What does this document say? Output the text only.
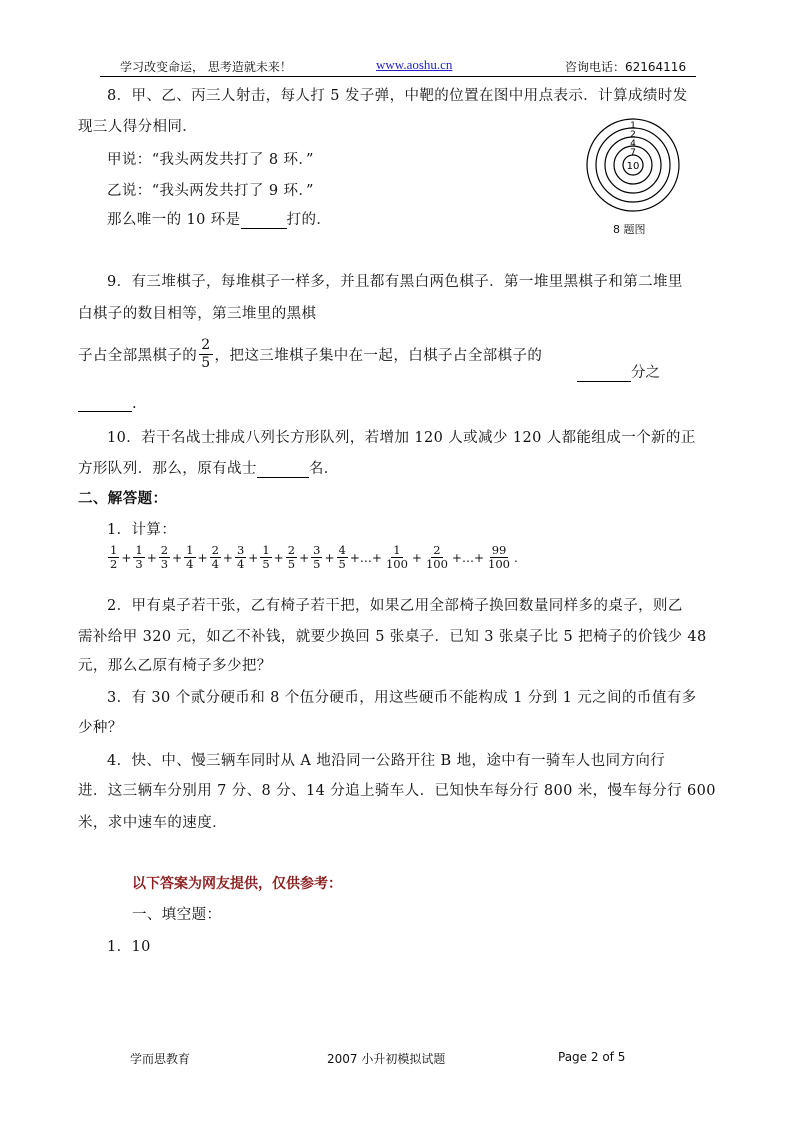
学习改变命运， 思考造就未来！	www.aoshu.cn	咨询电话：62164116
8．甲、乙、丙三人射击，每人打 5 发子弹，中靶的位置在图中用点表示．计算成绩时发
现三人得分相同．
甲说：“我头两发共打了 8 环．”
乙说：“我头两发共打了 9 环．”
那么唯一的 10 环是	打的．
1
2
4
7
10
8 题图
9．有三堆棋子，每堆棋子一样多，并且都有黑白两色棋子．第一堆里黑棋子和第二堆里
白棋子的数目相等，第三堆里的黑棋
子占全部黑棋子的 $\frac{2}{5}$ ，把这三堆棋子集中在一起，白棋子占全部棋子的
分之
.
10．若干名战士排成八列长方形队列，若增加 120 人或减少 120 人都能组成一个新的正
方形队列．那么，原有战士	名．
二、解答题：
1．计算：
$\frac{1}{2} + \frac{1}{3} + \frac{2}{3} + \frac{1}{4} + \frac{2}{4} + \frac{3}{4} + \frac{1}{5} + \frac{2}{5} + \frac{3}{5} + \frac{4}{5}$ +…+ $\frac{1}{100} + \frac{2}{100}$ +…+ $\frac{99}{100}$ .
2．甲有桌子若干张，乙有椅子若干把，如果乙用全部椅子换回数量同样多的桌子，则乙
需补给甲 320 元，如乙不补钱，就要少换回 5 张桌子．已知 3 张桌子比 5 把椅子的价钱少 48
元，那么乙原有椅子多少把？
3．有 30 个贰分硬币和 8 个伍分硬币，用这些硬币不能构成 1 分到 1 元之间的币值有多
少种？
4．快、中、慢三辆车同时从 A 地沿同一公路开往 B 地，途中有一骑车人也同方向行
进．这三辆车分别用 7 分、8 分、14 分追上骑车人．已知快车每分行 800 米，慢车每分行 600
米，求中速车的速度．
以下答案为网友提供，仅供参考：
一、填空题：
1．10
学而思教育	2007 小升初模拟试题	Page 2 of 5
